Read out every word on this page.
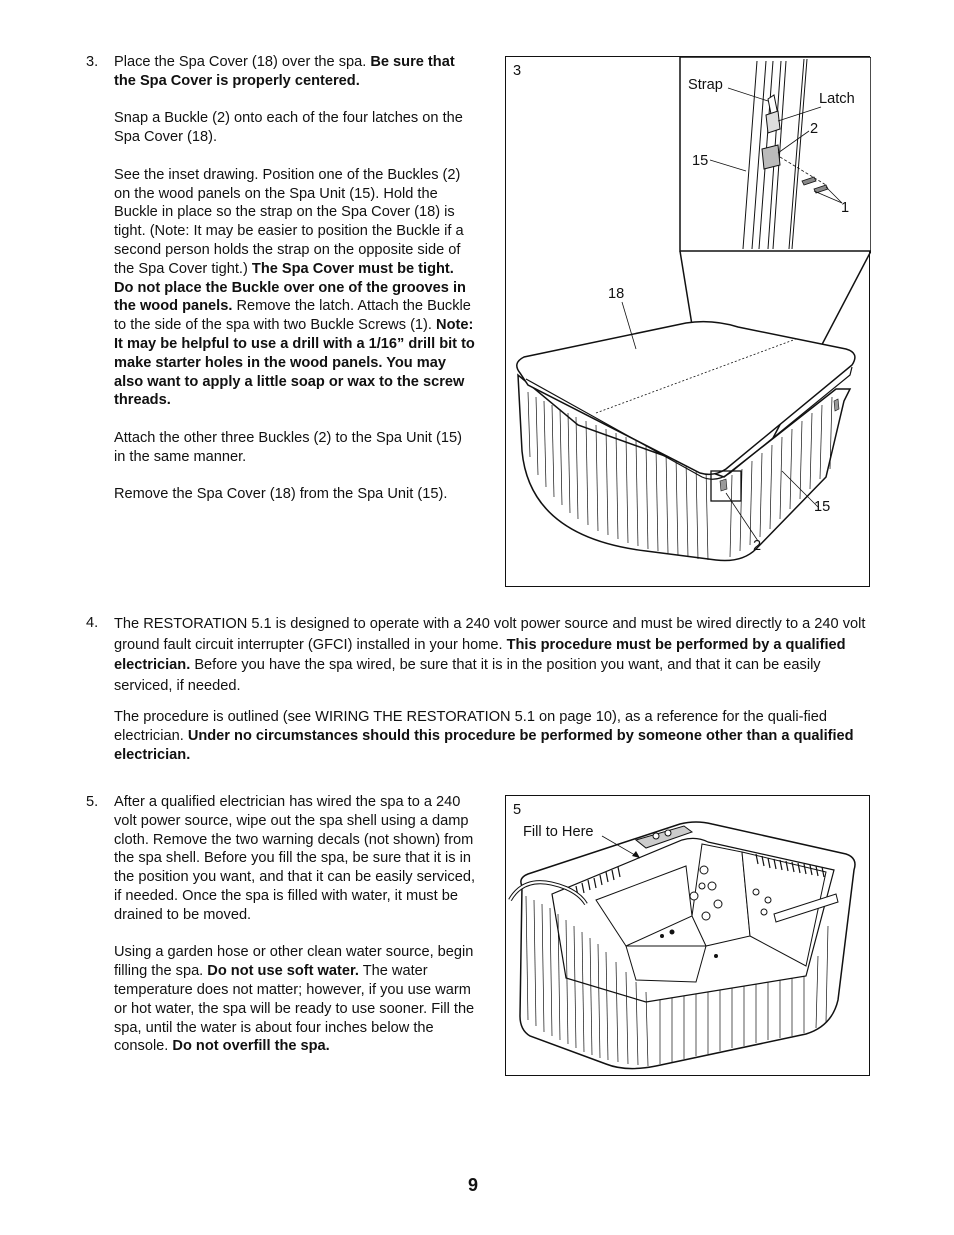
3.	Place the Spa Cover (18) over the spa. Be sure that the Spa Cover is properly centered.

Snap a Buckle (2) onto each of the four latches on the Spa Cover (18).

See the inset drawing. Position one of the Buckles (2) on the wood panels on the Spa Unit (15). Hold the Buckle in place so the strap on the Spa Cover (18) is tight. (Note: It may be easier to position the Buckle if a second person holds the strap on the opposite side of the Spa Cover tight.) The Spa Cover must be tight. Do not place the Buckle over one of the grooves in the wood panels. Remove the latch. Attach the Buckle to the side of the spa with two Buckle Screws (1). Note: It may be helpful to use a drill with a 1/16” drill bit to make starter holes in the wood panels. You may also want to apply a little soap or wax to the screw threads.

Attach the other three Buckles (2) to the Spa Unit (15) in the same manner.

Remove the Spa Cover (18) from the Spa Unit (15).

3
Strap
Latch
2
15
1
18
15
2
4.	The RESTORATION 5.1 is designed to operate with a 240 volt power source and must be wired directly to a 240 volt ground fault circuit interrupter (GFCI) installed in your home. This procedure must be performed by a qualified electrician. Before you have the spa wired, be sure that it is in the position you want, and that it can be easily serviced, if needed.

The procedure is outlined (see WIRING THE RESTORATION 5.1 on page 10), as a reference for the quali-fied electrician. Under no circumstances should this procedure be performed by someone other than a qualified electrician.

5.	After a qualified electrician has wired the spa to a 240 volt power source, wipe out the spa shell using a damp cloth. Remove the two warning decals (not shown) from the spa shell. Before you fill the spa, be sure that it is in the position you want, and that it can be easily serviced, if needed. Once the spa is filled with water, it must be drained to be moved.

Using a garden hose or other clean water source, begin filling the spa. Do not use soft water. The water temperature does not matter; however, if you use warm or hot water, the spa will be ready to use sooner. Fill the spa, until the water is about four inches below the console. Do not overfill the spa.

5
Fill to Here
9
